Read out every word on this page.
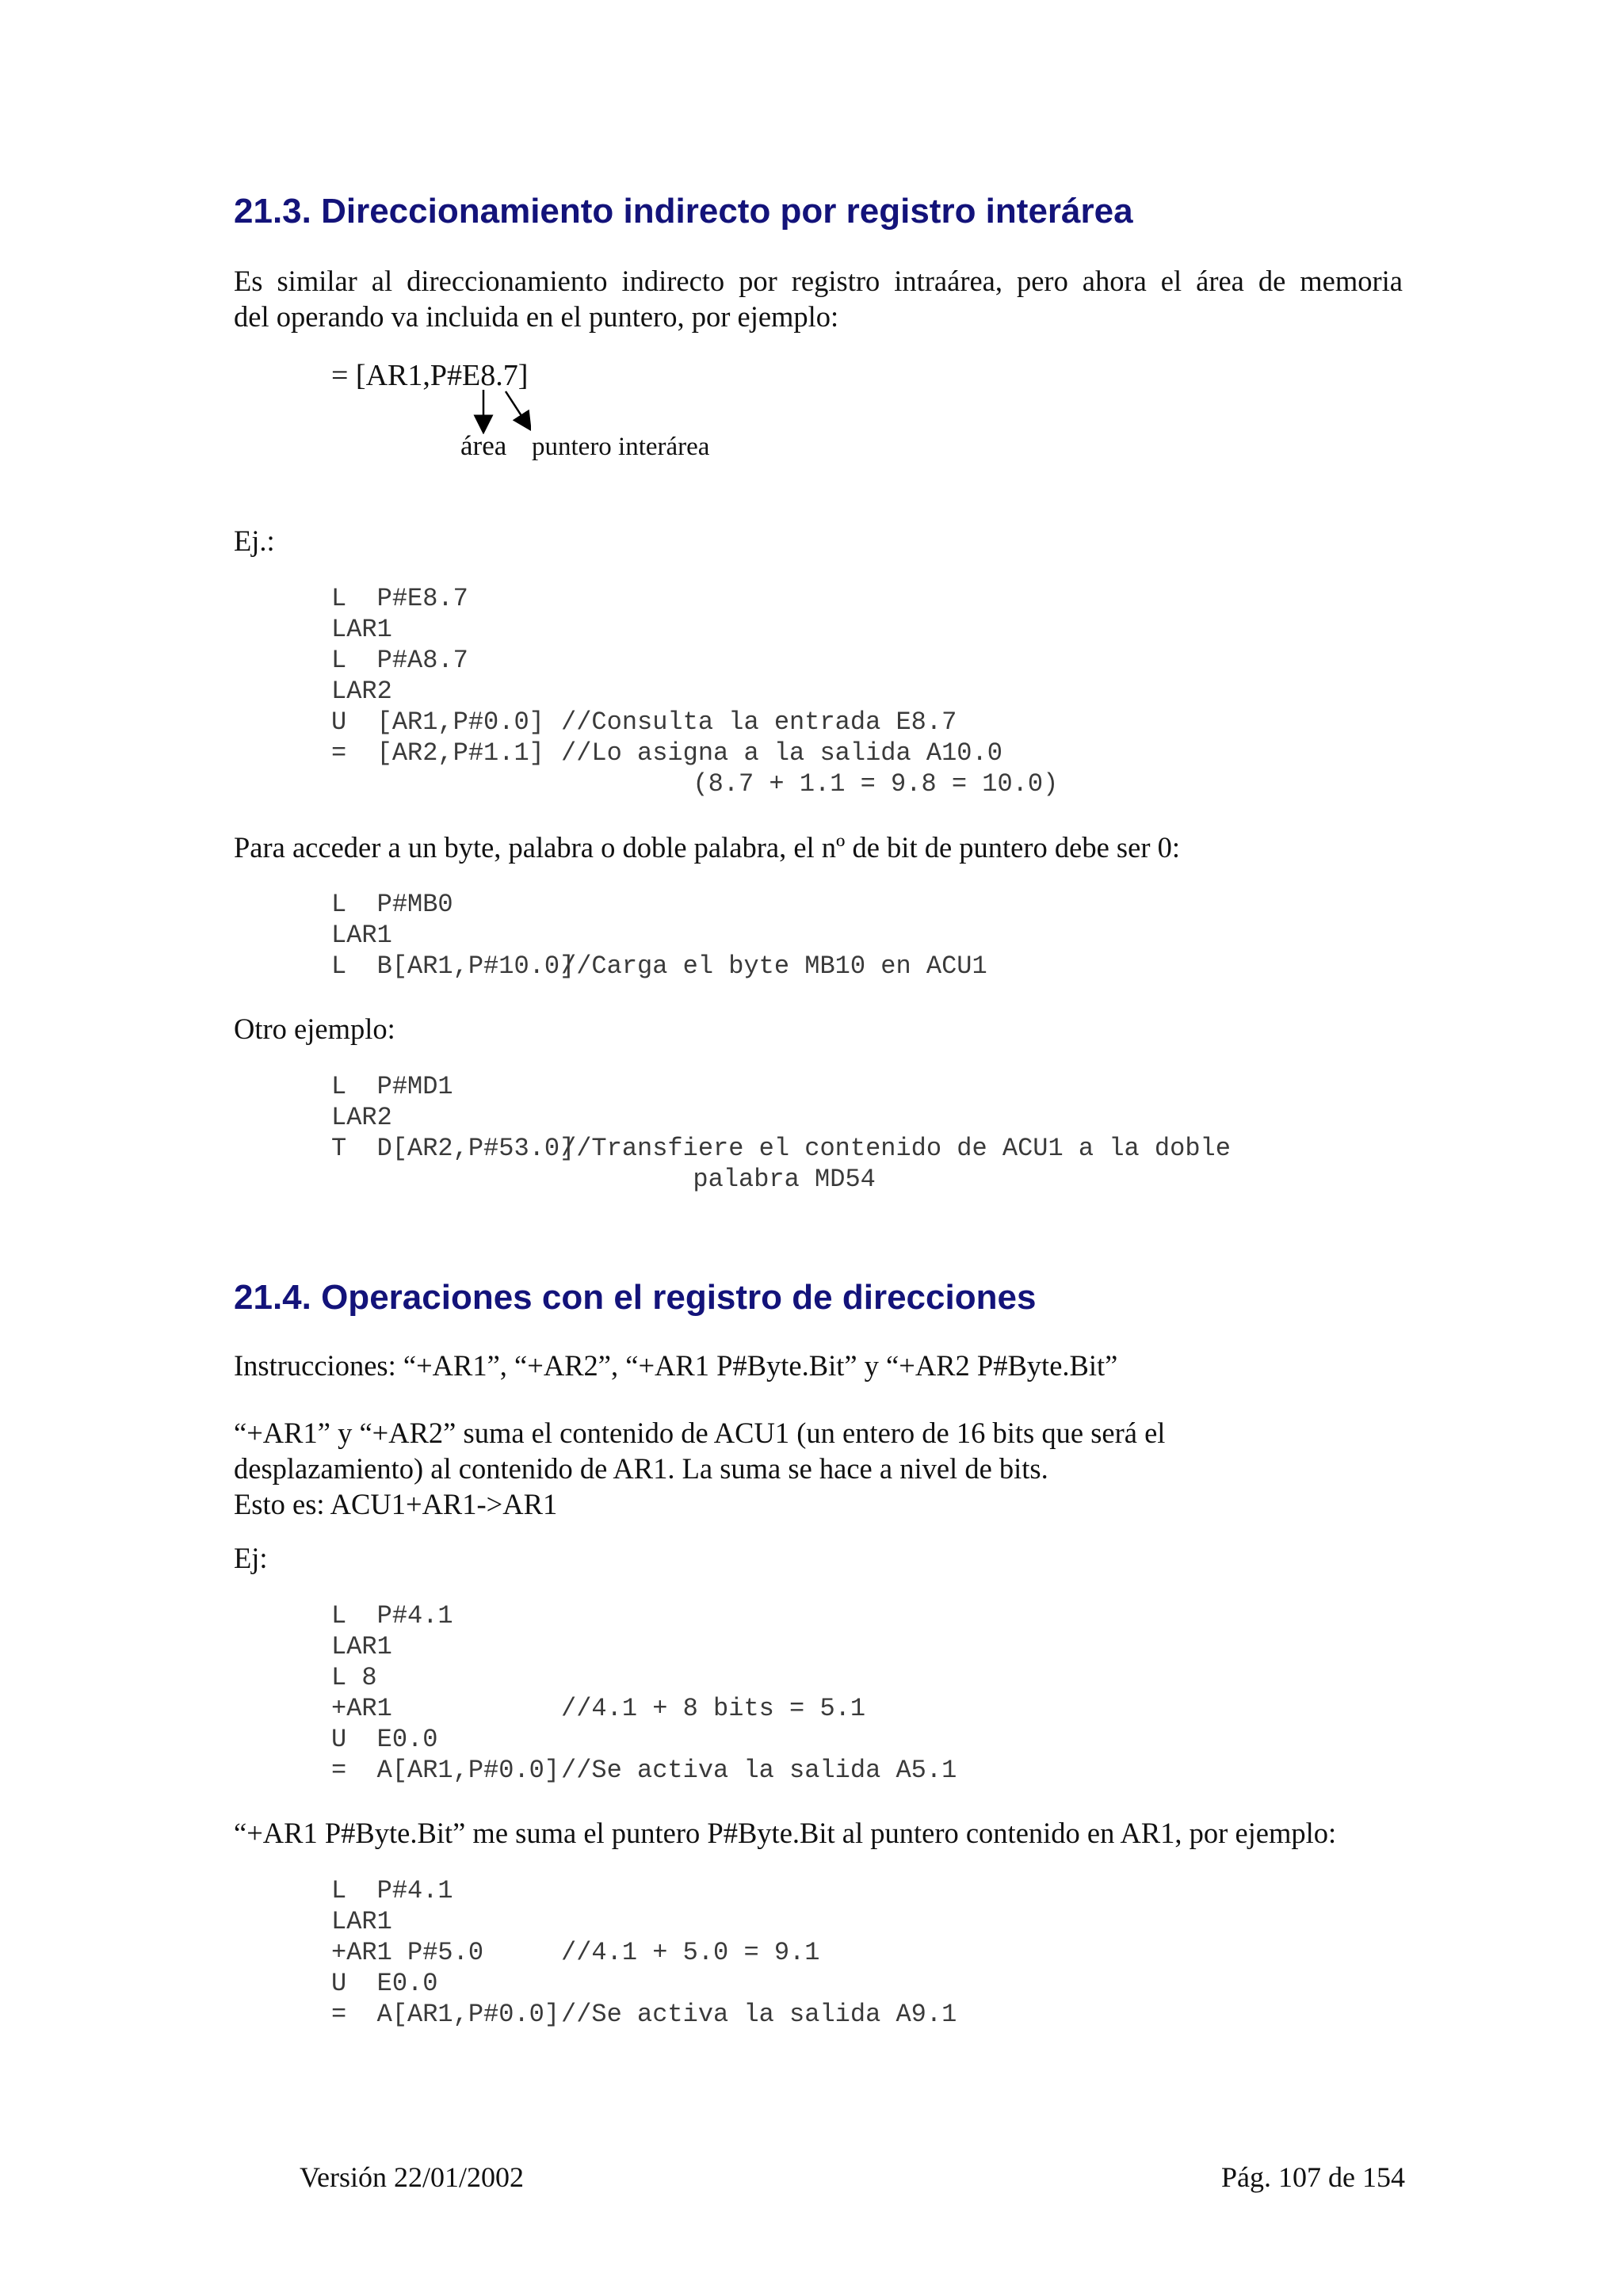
21.3. Direccionamiento indirecto por registro interárea

Es similar al direccionamiento indirecto por registro intraárea, pero ahora el área de memoria
del operando va incluida en el puntero, por ejemplo:

= [AR1,P#E8.7]
área puntero interárea

Ej.:

L  P#E8.7
LAR1
L  P#A8.7
LAR2
U  [AR1,P#0.0] //Consulta la entrada E8.7
=  [AR2,P#1.1] //Lo asigna a la salida A10.0
(8.7 + 1.1 = 9.8 = 10.0)

Para acceder a un byte, palabra o doble palabra, el nº de bit de puntero debe ser 0:

L  P#MB0
LAR1
L  B[AR1,P#10.0]//Carga el byte MB10 en ACU1

Otro ejemplo:

L  P#MD1
LAR2
T  D[AR2,P#53.0]//Transfiere el contenido de ACU1 a la doble
palabra MD54
21.4. Operaciones con el registro de direcciones

Instrucciones: “+AR1”, “+AR2”, “+AR1 P#Byte.Bit” y “+AR2 P#Byte.Bit”

“+AR1” y “+AR2” suma el contenido de ACU1 (un entero de 16 bits que será el
desplazamiento) al contenido de AR1. La suma se hace a nivel de bits.
Esto es: ACU1+AR1->AR1

Ej:

L  P#4.1
LAR1
L 8
+AR1	//4.1 + 8 bits = 5.1
U  E0.0
=  A[AR1,P#0.0]//Se activa la salida A5.1

“+AR1 P#Byte.Bit” me suma el puntero P#Byte.Bit al puntero contenido en AR1, por ejemplo:

L  P#4.1
LAR1
+AR1 P#5.0	//4.1 + 5.0 = 9.1
U  E0.0
=  A[AR1,P#0.0]//Se activa la salida A9.1
Versión 22/01/2002	Pág. 107 de 154
